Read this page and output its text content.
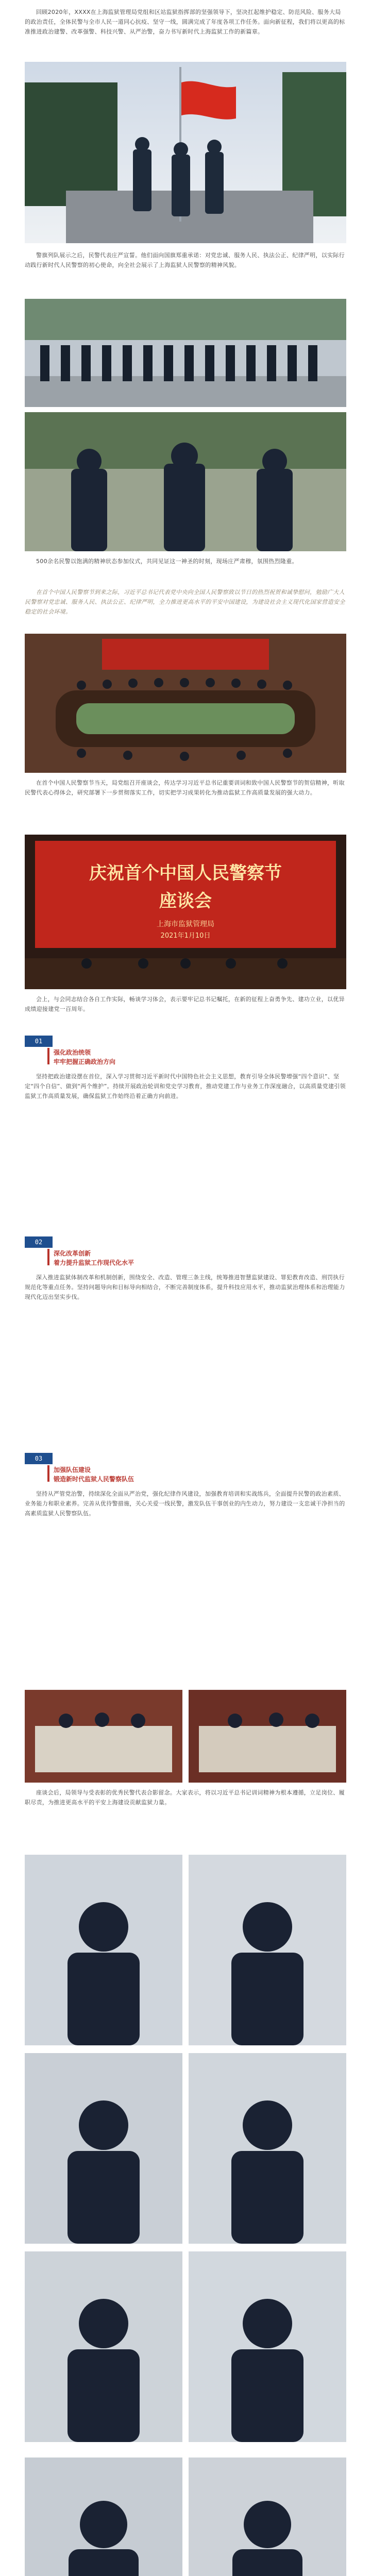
回顾2020年，XXXX在上海监狱管理局党组和区站监狱指挥部的坚强领导下，坚决扛起维护稳定、防范风险、服务大局的政治责任，全体民警与全市人民一道同心抗疫、坚守一线，圆满完成了年度各项工作任务。面向新征程，我们将以更高的标准推进政治建警、改革强警、科技兴警、从严治警，奋力书写新时代上海监狱工作的新篇章。
警旗列队展示之后，民警代表庄严宣誓。他们面向国旗郑重承诺：对党忠诚、服务人民、执法公正、纪律严明，以实际行动践行新时代人民警察的初心使命，向全社会展示了上海监狱人民警察的精神风貌。
500余名民警以饱满的精神状态参加仪式，共同见证这一神圣的时刻，现场庄严肃穆，氛围热烈隆重。
在首个中国人民警察节到来之际，习近平总书记代表党中央向全国人民警察致以节日的热烈祝贺和诚挚慰问，勉励广大人民警察对党忠诚、服务人民、执法公正、纪律严明，全力推进更高水平的平安中国建设，为建设社会主义现代化国家营造安全稳定的社会环境。
在首个中国人民警察节当天，局党组召开座谈会，传达学习习近平总书记重要训词和致中国人民警察节的贺信精神，听取民警代表心得体会，研究部署下一步贯彻落实工作，切实把学习成果转化为推动监狱工作高质量发展的强大动力。
庆祝首个中国人民警察节
座谈会
上海市监狱管理局
2021年1月10日
会上，与会同志结合各自工作实际，畅谈学习体会，表示要牢记总书记嘱托，在新的征程上奋勇争先、建功立业，以优异成绩迎接建党一百周年。
01
强化政治统领
牢牢把握正确政治方向
坚持把政治建设摆在首位，深入学习贯彻习近平新时代中国特色社会主义思想，教育引导全体民警增强“四个意识”、坚定“四个自信”、做到“两个维护”。持续开展政治轮训和党史学习教育，推动党建工作与业务工作深度融合，以高质量党建引领监狱工作高质量发展，确保监狱工作始终沿着正确方向前进。
02
深化改革创新
着力提升监狱工作现代化水平
深入推进监狱体制改革和机制创新，围绕安全、改造、管理三条主线，统筹推进智慧监狱建设、罪犯教育改造、刑罚执行规范化等重点任务。坚持问题导向和目标导向相结合，不断完善制度体系，提升科技应用水平，推动监狱治理体系和治理能力现代化迈出坚实步伐。
03
加强队伍建设
锻造新时代监狱人民警察队伍
坚持从严管党治警，持续深化全面从严治党，强化纪律作风建设，加强教育培训和实战练兵，全面提升民警的政治素质、业务能力和职业素养。完善从优待警措施，关心关爱一线民警，激发队伍干事创业的内生动力，努力建设一支忠诚干净担当的高素质监狱人民警察队伍。
座谈会后，局领导与受表彰的优秀民警代表合影留念。大家表示，将以习近平总书记训词精神为根本遵循，立足岗位、履职尽责，为推进更高水平的平安上海建设贡献监狱力量。
